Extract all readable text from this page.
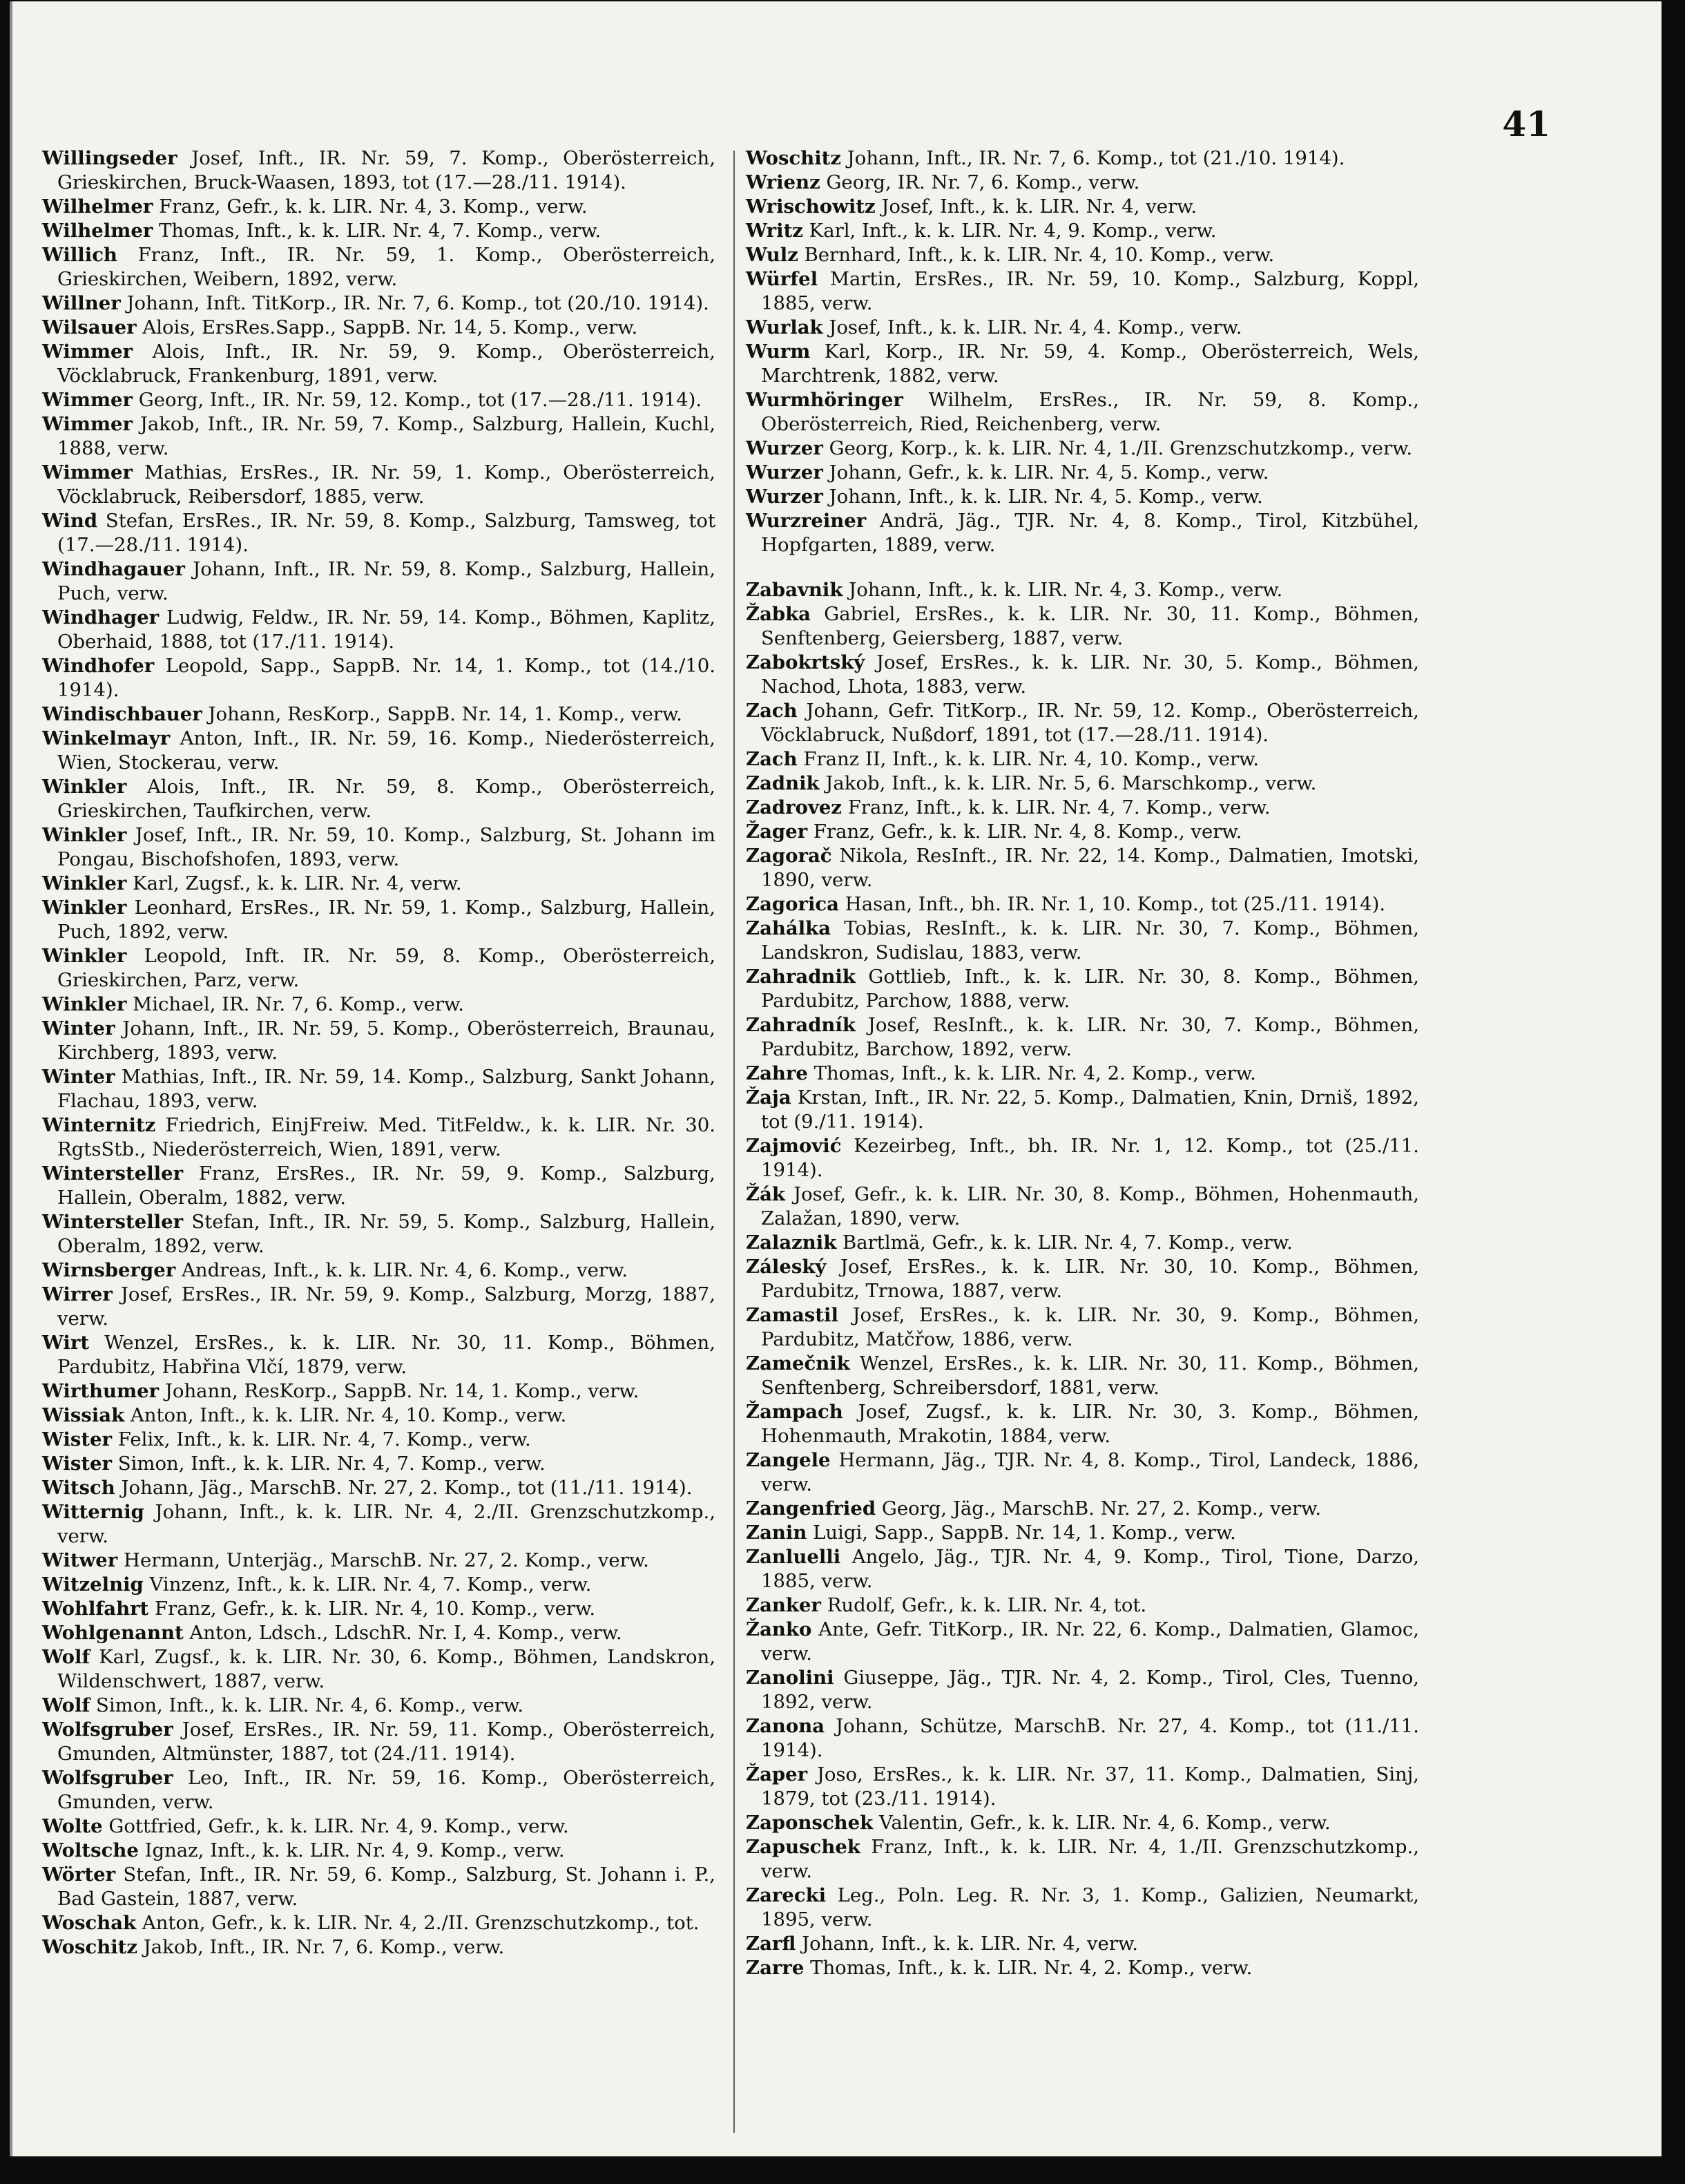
41
Willingseder Josef, Inft., IR. Nr. 59, 7. Komp., Oberösterreich, Grieskirchen, Bruck-Waasen, 1893, tot (17.—28./11. 1914).
Wilhelmer Franz, Gefr., k. k. LIR. Nr. 4, 3. Komp., verw.
Wilhelmer Thomas, Inft., k. k. LIR. Nr. 4, 7. Komp., verw.
Willich Franz, Inft., IR. Nr. 59, 1. Komp., Oberösterreich, Grieskirchen, Weibern, 1892, verw.
Willner Johann, Inft. TitKorp., IR. Nr. 7, 6. Komp., tot (20./10. 1914).
Wilsauer Alois, ErsRes.Sapp., SappB. Nr. 14, 5. Komp., verw.
Wimmer Alois, Inft., IR. Nr. 59, 9. Komp., Oberösterreich, Vöcklabruck, Frankenburg, 1891, verw.
Wimmer Georg, Inft., IR. Nr. 59, 12. Komp., tot (17.—28./11. 1914).
Wimmer Jakob, Inft., IR. Nr. 59, 7. Komp., Salzburg, Hallein, Kuchl, 1888, verw.
Wimmer Mathias, ErsRes., IR. Nr. 59, 1. Komp., Oberösterreich, Vöcklabruck, Reibersdorf, 1885, verw.
Wind Stefan, ErsRes., IR. Nr. 59, 8. Komp., Salzburg, Tamsweg, tot (17.—28./11. 1914).
Windhagauer Johann, Inft., IR. Nr. 59, 8. Komp., Salzburg, Hallein, Puch, verw.
Windhager Ludwig, Feldw., IR. Nr. 59, 14. Komp., Böhmen, Kaplitz, Oberhaid, 1888, tot (17./11. 1914).
Windhofer Leopold, Sapp., SappB. Nr. 14, 1. Komp., tot (14./10. 1914).
Windischbauer Johann, ResKorp., SappB. Nr. 14, 1. Komp., verw.
Winkelmayr Anton, Inft., IR. Nr. 59, 16. Komp., Niederösterreich, Wien, Stockerau, verw.
Winkler Alois, Inft., IR. Nr. 59, 8. Komp., Oberösterreich, Grieskirchen, Taufkirchen, verw.
Winkler Josef, Inft., IR. Nr. 59, 10. Komp., Salzburg, St. Johann im Pongau, Bischofshofen, 1893, verw.
Winkler Karl, Zugsf., k. k. LIR. Nr. 4, verw.
Winkler Leonhard, ErsRes., IR. Nr. 59, 1. Komp., Salzburg, Hallein, Puch, 1892, verw.
Winkler Leopold, Inft. IR. Nr. 59, 8. Komp., Oberösterreich, Grieskirchen, Parz, verw.
Winkler Michael, IR. Nr. 7, 6. Komp., verw.
Winter Johann, Inft., IR. Nr. 59, 5. Komp., Oberösterreich, Braunau, Kirchberg, 1893, verw.
Winter Mathias, Inft., IR. Nr. 59, 14. Komp., Salzburg, Sankt Johann, Flachau, 1893, verw.
Winternitz Friedrich, EinjFreiw. Med. TitFeldw., k. k. LIR. Nr. 30. RgtsStb., Niederösterreich, Wien, 1891, verw.
Wintersteller Franz, ErsRes., IR. Nr. 59, 9. Komp., Salzburg, Hallein, Oberalm, 1882, verw.
Wintersteller Stefan, Inft., IR. Nr. 59, 5. Komp., Salzburg, Hallein, Oberalm, 1892, verw.
Wirnsberger Andreas, Inft., k. k. LIR. Nr. 4, 6. Komp., verw.
Wirrer Josef, ErsRes., IR. Nr. 59, 9. Komp., Salzburg, Morzg, 1887, verw.
Wirt Wenzel, ErsRes., k. k. LIR. Nr. 30, 11. Komp., Böhmen, Pardubitz, Habřina Vlčí, 1879, verw.
Wirthumer Johann, ResKorp., SappB. Nr. 14, 1. Komp., verw.
Wissiak Anton, Inft., k. k. LIR. Nr. 4, 10. Komp., verw.
Wister Felix, Inft., k. k. LIR. Nr. 4, 7. Komp., verw.
Wister Simon, Inft., k. k. LIR. Nr. 4, 7. Komp., verw.
Witsch Johann, Jäg., MarschB. Nr. 27, 2. Komp., tot (11./11. 1914).
Witternig Johann, Inft., k. k. LIR. Nr. 4, 2./II. Grenzschutzkomp., verw.
Witwer Hermann, Unterjäg., MarschB. Nr. 27, 2. Komp., verw.
Witzelnig Vinzenz, Inft., k. k. LIR. Nr. 4, 7. Komp., verw.
Wohlfahrt Franz, Gefr., k. k. LIR. Nr. 4, 10. Komp., verw.
Wohlgenannt Anton, Ldsch., LdschR. Nr. I, 4. Komp., verw.
Wolf Karl, Zugsf., k. k. LIR. Nr. 30, 6. Komp., Böhmen, Landskron, Wildenschwert, 1887, verw.
Wolf Simon, Inft., k. k. LIR. Nr. 4, 6. Komp., verw.
Wolfsgruber Josef, ErsRes., IR. Nr. 59, 11. Komp., Oberösterreich, Gmunden, Altmünster, 1887, tot (24./11. 1914).
Wolfsgruber Leo, Inft., IR. Nr. 59, 16. Komp., Oberösterreich, Gmunden, verw.
Wolte Gottfried, Gefr., k. k. LIR. Nr. 4, 9. Komp., verw.
Woltsche Ignaz, Inft., k. k. LIR. Nr. 4, 9. Komp., verw.
Wörter Stefan, Inft., IR. Nr. 59, 6. Komp., Salzburg, St. Johann i. P., Bad Gastein, 1887, verw.
Woschak Anton, Gefr., k. k. LIR. Nr. 4, 2./II. Grenzschutzkomp., tot.
Woschitz Jakob, Inft., IR. Nr. 7, 6. Komp., verw.
Woschitz Johann, Inft., IR. Nr. 7, 6. Komp., tot (21./10. 1914).
Wrienz Georg, IR. Nr. 7, 6. Komp., verw.
Wrischowitz Josef, Inft., k. k. LIR. Nr. 4, verw.
Writz Karl, Inft., k. k. LIR. Nr. 4, 9. Komp., verw.
Wulz Bernhard, Inft., k. k. LIR. Nr. 4, 10. Komp., verw.
Würfel Martin, ErsRes., IR. Nr. 59, 10. Komp., Salzburg, Koppl, 1885, verw.
Wurlak Josef, Inft., k. k. LIR. Nr. 4, 4. Komp., verw.
Wurm Karl, Korp., IR. Nr. 59, 4. Komp., Oberösterreich, Wels, Marchtrenk, 1882, verw.
Wurmhöringer Wilhelm, ErsRes., IR. Nr. 59, 8. Komp., Oberösterreich, Ried, Reichenberg, verw.
Wurzer Georg, Korp., k. k. LIR. Nr. 4, 1./II. Grenzschutzkomp., verw.
Wurzer Johann, Gefr., k. k. LIR. Nr. 4, 5. Komp., verw.
Wurzer Johann, Inft., k. k. LIR. Nr. 4, 5. Komp., verw.
Wurzreiner Andrä, Jäg., TJR. Nr. 4, 8. Komp., Tirol, Kitzbühel, Hopfgarten, 1889, verw.
Zabavnik Johann, Inft., k. k. LIR. Nr. 4, 3. Komp., verw.
Žabka Gabriel, ErsRes., k. k. LIR. Nr. 30, 11. Komp., Böhmen, Senftenberg, Geiersberg, 1887, verw.
Zabokrtský Josef, ErsRes., k. k. LIR. Nr. 30, 5. Komp., Böhmen, Nachod, Lhota, 1883, verw.
Zach Johann, Gefr. TitKorp., IR. Nr. 59, 12. Komp., Oberösterreich, Vöcklabruck, Nußdorf, 1891, tot (17.—28./11. 1914).
Zach Franz II, Inft., k. k. LIR. Nr. 4, 10. Komp., verw.
Zadnik Jakob, Inft., k. k. LIR. Nr. 5, 6. Marschkomp., verw.
Zadrovez Franz, Inft., k. k. LIR. Nr. 4, 7. Komp., verw.
Žager Franz, Gefr., k. k. LIR. Nr. 4, 8. Komp., verw.
Zagorač Nikola, ResInft., IR. Nr. 22, 14. Komp., Dalmatien, Imotski, 1890, verw.
Zagorica Hasan, Inft., bh. IR. Nr. 1, 10. Komp., tot (25./11. 1914).
Zahálka Tobias, ResInft., k. k. LIR. Nr. 30, 7. Komp., Böhmen, Landskron, Sudislau, 1883, verw.
Zahradnik Gottlieb, Inft., k. k. LIR. Nr. 30, 8. Komp., Böhmen, Pardubitz, Parchow, 1888, verw.
Zahradník Josef, ResInft., k. k. LIR. Nr. 30, 7. Komp., Böhmen, Pardubitz, Barchow, 1892, verw.
Zahre Thomas, Inft., k. k. LIR. Nr. 4, 2. Komp., verw.
Žaja Krstan, Inft., IR. Nr. 22, 5. Komp., Dalmatien, Knin, Drniš, 1892, tot (9./11. 1914).
Zajmović Kezeirbeg, Inft., bh. IR. Nr. 1, 12. Komp., tot (25./11. 1914).
Žák Josef, Gefr., k. k. LIR. Nr. 30, 8. Komp., Böhmen, Hohenmauth, Zalažan, 1890, verw.
Zalaznik Bartlmä, Gefr., k. k. LIR. Nr. 4, 7. Komp., verw.
Záleský Josef, ErsRes., k. k. LIR. Nr. 30, 10. Komp., Böhmen, Pardubitz, Trnowa, 1887, verw.
Zamastil Josef, ErsRes., k. k. LIR. Nr. 30, 9. Komp., Böhmen, Pardubitz, Matčřow, 1886, verw.
Zamečnik Wenzel, ErsRes., k. k. LIR. Nr. 30, 11. Komp., Böhmen, Senftenberg, Schreibersdorf, 1881, verw.
Žampach Josef, Zugsf., k. k. LIR. Nr. 30, 3. Komp., Böhmen, Hohenmauth, Mrakotin, 1884, verw.
Zangele Hermann, Jäg., TJR. Nr. 4, 8. Komp., Tirol, Landeck, 1886, verw.
Zangenfried Georg, Jäg., MarschB. Nr. 27, 2. Komp., verw.
Zanin Luigi, Sapp., SappB. Nr. 14, 1. Komp., verw.
Zanluelli Angelo, Jäg., TJR. Nr. 4, 9. Komp., Tirol, Tione, Darzo, 1885, verw.
Zanker Rudolf, Gefr., k. k. LIR. Nr. 4, tot.
Žanko Ante, Gefr. TitKorp., IR. Nr. 22, 6. Komp., Dalmatien, Glamoc, verw.
Zanolini Giuseppe, Jäg., TJR. Nr. 4, 2. Komp., Tirol, Cles, Tuenno, 1892, verw.
Zanona Johann, Schütze, MarschB. Nr. 27, 4. Komp., tot (11./11. 1914).
Žaper Joso, ErsRes., k. k. LIR. Nr. 37, 11. Komp., Dalmatien, Sinj, 1879, tot (23./11. 1914).
Zaponschek Valentin, Gefr., k. k. LIR. Nr. 4, 6. Komp., verw.
Zapuschek Franz, Inft., k. k. LIR. Nr. 4, 1./II. Grenzschutzkomp., verw.
Zarecki Leg., Poln. Leg. R. Nr. 3, 1. Komp., Galizien, Neumarkt, 1895, verw.
Zarfl Johann, Inft., k. k. LIR. Nr. 4, verw.
Zarre Thomas, Inft., k. k. LIR. Nr. 4, 2. Komp., verw.
